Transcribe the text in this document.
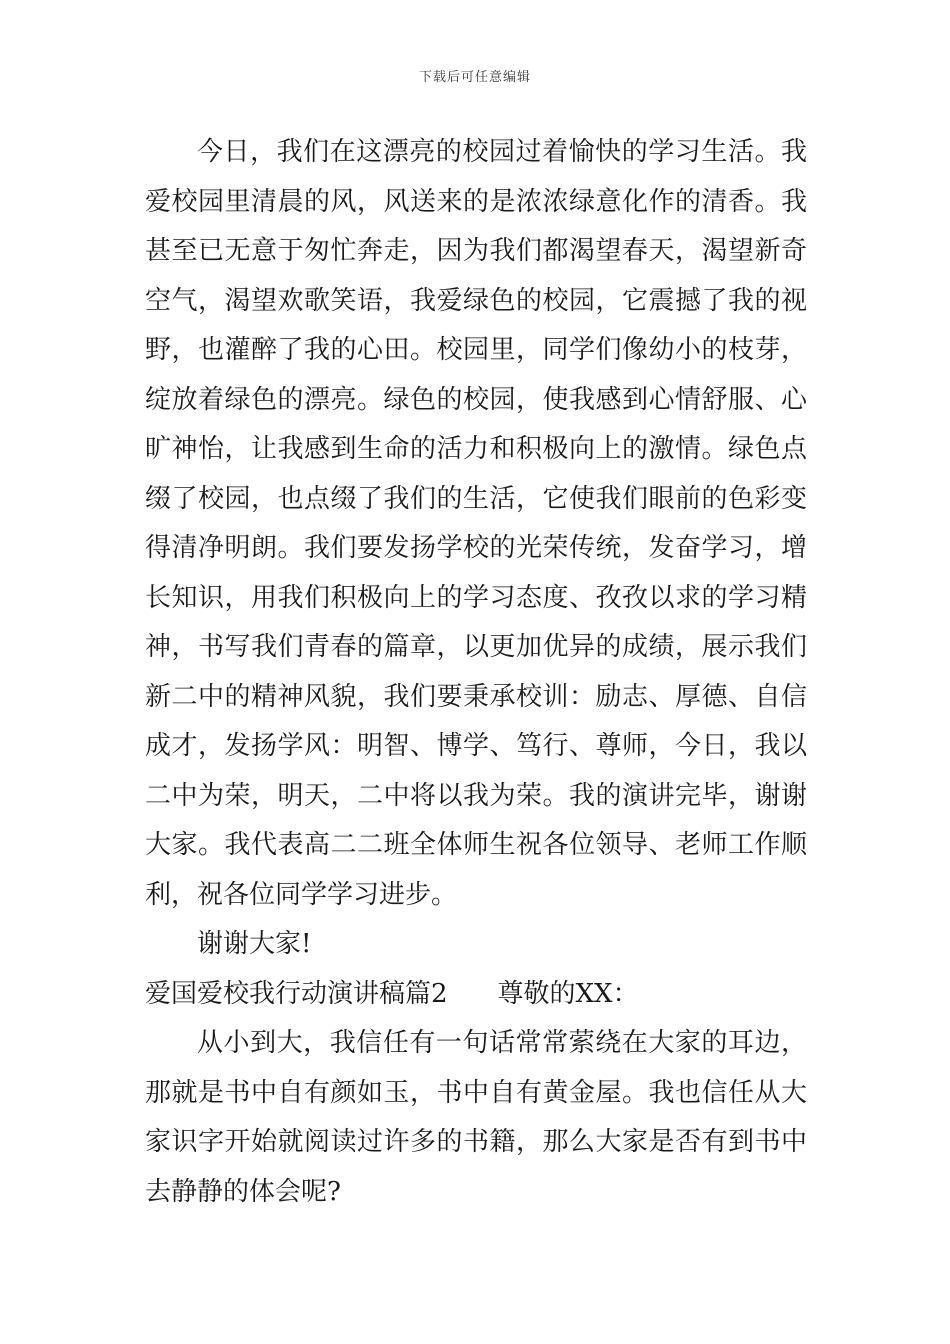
下载后可任意编辑

今日，我们在这漂亮的校园过着愉快的学习生活。我爱校园里清晨的风，风送来的是浓浓绿意化作的清香。我甚至已无意于匆忙奔走，因为我们都渴望春天，渴望新奇空气，渴望欢歌笑语，我爱绿色的校园，它震撼了我的视野，也灌醉了我的心田。校园里，同学们像幼小的枝芽，绽放着绿色的漂亮。绿色的校园，使我感到心情舒服、心旷神怡，让我感到生命的活力和积极向上的激情。绿色点缀了校园，也点缀了我们的生活，它使我们眼前的色彩变得清净明朗。我们要发扬学校的光荣传统，发奋学习，增长知识，用我们积极向上的学习态度、孜孜以求的学习精神，书写我们青春的篇章，以更加优异的成绩，展示我们新二中的精神风貌，我们要秉承校训：励志、厚德、自信成才，发扬学风：明智、博学、笃行、尊师，今日，我以二中为荣，明天，二中将以我为荣。我的演讲完毕，谢谢大家。我代表高二二班全体师生祝各位领导、老师工作顺利，祝各位同学学习进步。

谢谢大家!

爱国爱校我行动演讲稿篇2 尊敬的XX：

从小到大，我信任有一句话常常萦绕在大家的耳边，那就是书中自有颜如玉，书中自有黄金屋。我也信任从大家识字开始就阅读过许多的书籍，那么大家是否有到书中去静静的体会呢?
